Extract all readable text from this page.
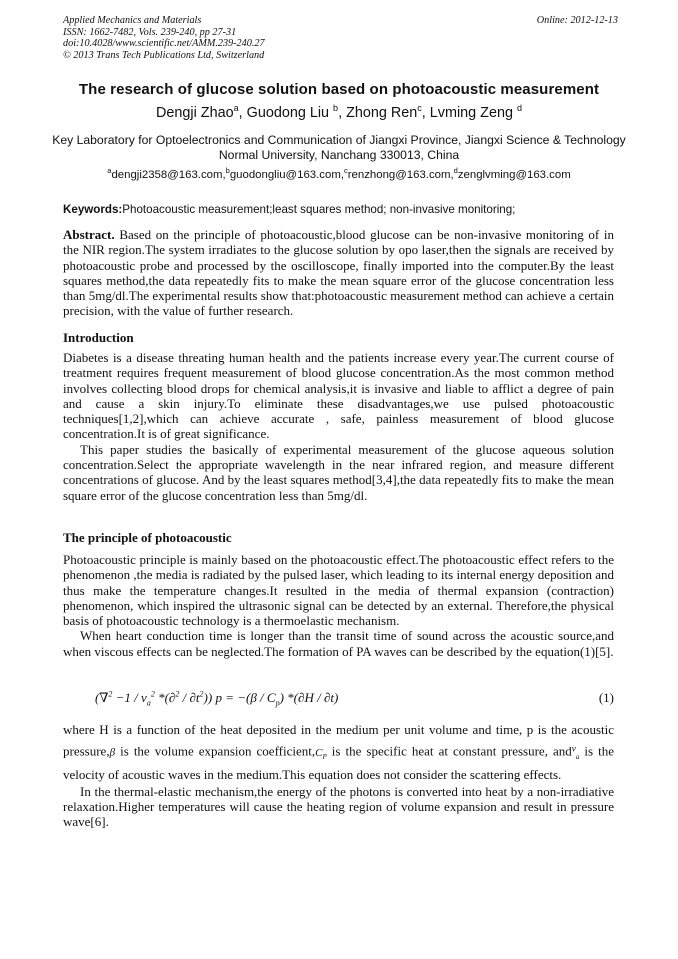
Applied Mechanics and Materials
ISSN: 1662-7482, Vols. 239-240, pp 27-31
doi:10.4028/www.scientific.net/AMM.239-240.27
© 2013 Trans Tech Publications Ltd, Switzerland
Online: 2012-12-13
The research of glucose solution based on photoacoustic measurement
Dengji Zhao$^a$, Guodong Liu $^b$, Zhong Ren$^c$, Lvming Zeng $^d$
Key Laboratory for Optoelectronics and Communication of Jiangxi Province, Jiangxi Science & Technology Normal University, Nanchang 330013, China
$^a$dengji2358@163.com,$^b$guodongliu@163.com,$^c$renzhong@163.com,$^d$zenglvming@163.com
Keywords:Photoacoustic measurement;least squares method; non-invasive monitoring;

Abstract. Based on the principle of photoacoustic,blood glucose can be non-invasive monitoring of in the NIR region.The system irradiates to the glucose solution by opo laser,then the signals are received by photoacoustic probe and processed by the oscilloscope, finally imported into the computer.By the least squares method,the data repeatedly fits to make the mean square error of the glucose concentration less than 5mg/dl.The experimental results show that:photoacoustic measurement method can achieve a certain precision, with the value of further research.

Introduction

Diabetes is a disease threating human health and the patients increase every year.The current course of treatment requires frequent measurement of blood glucose concentration.As the most common method involves collecting blood drops for chemical analysis,it is invasive and liable to afflict a degree of pain and cause a skin injury.To eliminate these disadvantages,we use pulsed photoacoustic techniques[1,2],which can achieve accurate , safe, painless measurement of blood glucose concentration.It is of great significance.

This paper studies the basically of experimental measurement of the glucose aqueous solution concentration.Select the appropriate wavelength in the near infrared region, and measure different concentrations of glucose. And by the least squares method[3,4],the data repeatedly fits to make the mean square error of the glucose concentration less than 5mg/dl.

The principle of photoacoustic

Photoacoustic principle is mainly based on the photoacoustic effect.The photoacoustic effect refers to the phenomenon ,the media is radiated by the pulsed laser, which leading to its internal energy deposition and thus make the temperature changes.It resulted in the media of thermal expansion (contraction) phenomenon, which inspired the ultrasonic signal can be detected by an external. Therefore,the physical basis of photoacoustic technology is a thermoelastic mechanism.

When heart conduction time is longer than the transit time of sound across the acoustic source,and when viscous effects can be neglected.The formation of PA waves can be described by the equation(1)[5].

($\nabla^2 -1 / \nu_a^2$ $*(\partial^2 / \partial t^2)$) $p = -(\beta / C_p)$ *(∂H / ∂t)	(1)

where H is a function of the heat deposited in the medium per unit volume and time, p is the acoustic pressure,β is the volume expansion $coefficient,C_P$ is the specific heat at constant pressure, and$^\nu_a$ is the velocity of acoustic waves in the medium.This equation does not consider the scattering effects.

In the thermal-elastic mechanism,the energy of the photons is converted into heat by a non-irradiative relaxation.Higher temperatures will cause the heating region of volume expansion and result in pressure wave[6].
